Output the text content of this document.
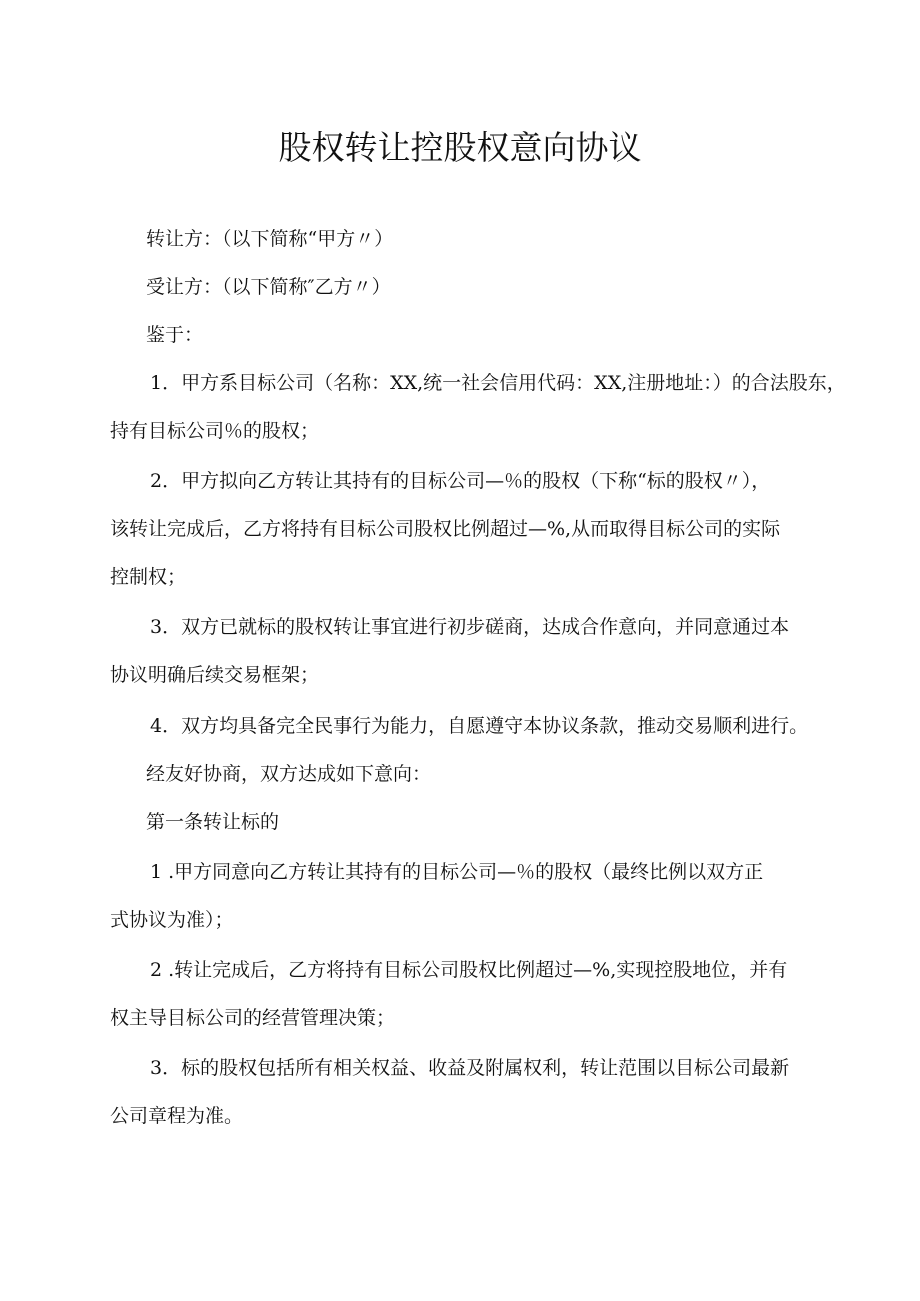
股权转让控股权意向协议
转让方：（以下简称“甲方〃）
受让方：（以下简称″乙方〃）
鉴于：
1．甲方系目标公司（名称：XX,统一社会信用代码：XX,注册地址：）的合法股东，
持有目标公司％的股权；
2．甲方拟向乙方转让其持有的目标公司—％的股权（下称“标的股权〃），
该转让完成后，乙方将持有目标公司股权比例超过—%,从而取得目标公司的实际
控制权；
3．双方已就标的股权转让事宜进行初步磋商，达成合作意向，并同意通过本
协议明确后续交易框架；
4．双方均具备完全民事行为能力，自愿遵守本协议条款，推动交易顺利进行。
经友好协商，双方达成如下意向：
第一条转让标的
1 .甲方同意向乙方转让其持有的目标公司—％的股权（最终比例以双方正
式协议为准）；
2 .转让完成后，乙方将持有目标公司股权比例超过—%,实现控股地位，并有
权主导目标公司的经营管理决策；
3．标的股权包括所有相关权益、收益及附属权利，转让范围以目标公司最新
公司章程为准。
